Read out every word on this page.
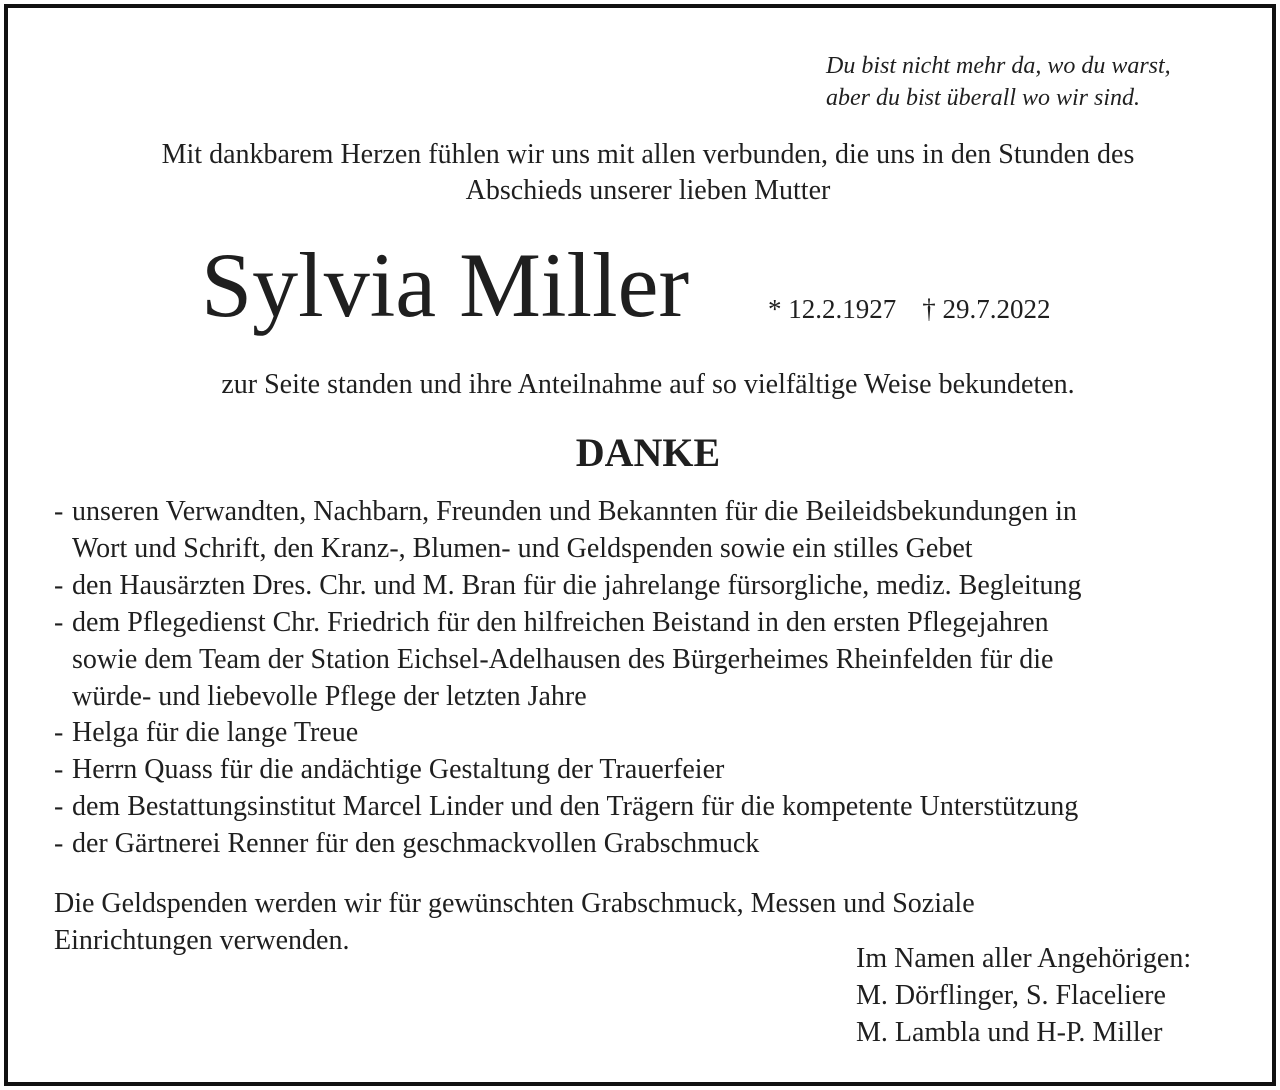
Du bist nicht mehr da, wo du warst,
aber du bist überall wo wir sind.
Mit dankbarem Herzen fühlen wir uns mit allen verbunden, die uns in den Stunden des
Abschieds unserer lieben Mutter
Sylvia Miller	* 12.2.1927 † 29.7.2022
zur Seite standen und ihre Anteilnahme auf so vielfältige Weise bekundeten.
DANKE
- unseren Verwandten, Nachbarn, Freunden und Bekannten für die Beileidsbekundungen in
Wort und Schrift, den Kranz-, Blumen- und Geldspenden sowie ein stilles Gebet
- den Hausärzten Dres. Chr. und M. Bran für die jahrelange fürsorgliche, mediz. Begleitung
- dem Pflegedienst Chr. Friedrich für den hilfreichen Beistand in den ersten Pflegejahren
sowie dem Team der Station Eichsel-Adelhausen des Bürgerheimes Rheinfelden für die
würde- und liebevolle Pflege der letzten Jahre
- Helga für die lange Treue
- Herrn Quass für die andächtige Gestaltung der Trauerfeier
- dem Bestattungsinstitut Marcel Linder und den Trägern für die kompetente Unterstützung
- der Gärtnerei Renner für den geschmackvollen Grabschmuck
Die Geldspenden werden wir für gewünschten Grabschmuck, Messen und Soziale
Einrichtungen verwenden.
Im Namen aller Angehörigen:
M. Dörflinger, S. Flaceliere
M. Lambla und H-P. Miller
